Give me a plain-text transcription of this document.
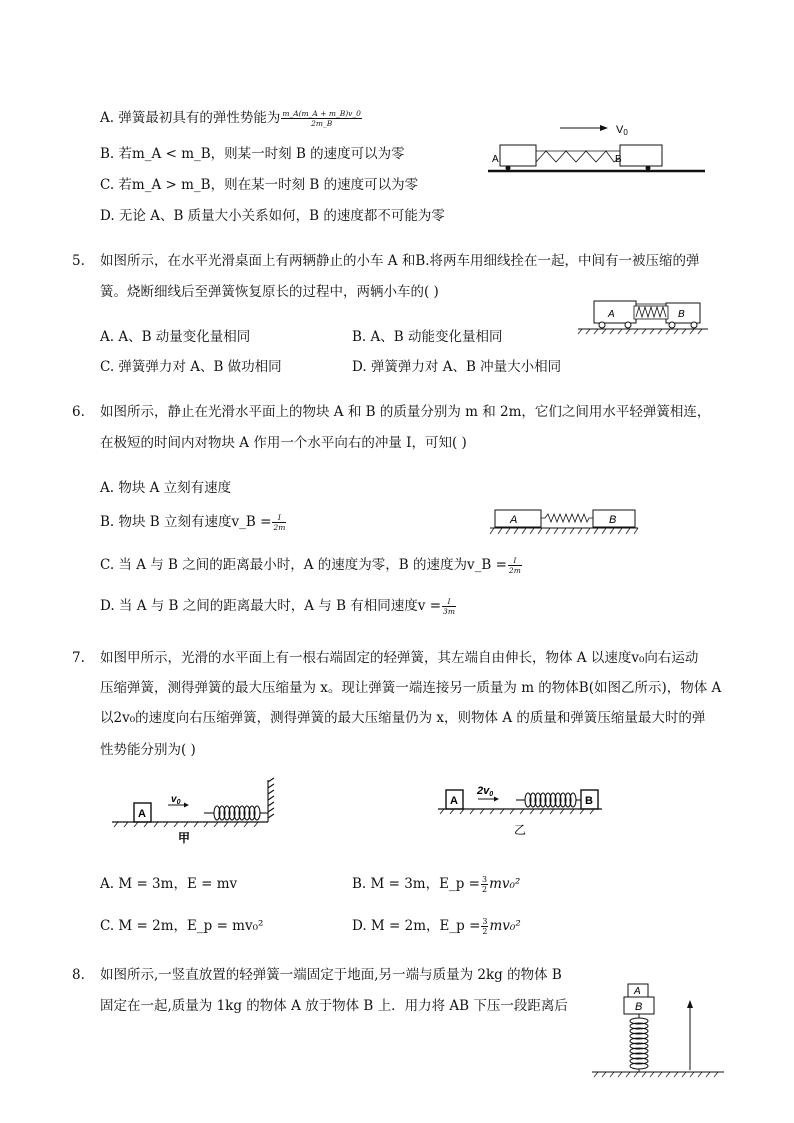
A. 弹簧最初具有的弹性势能为 $\frac{m\_A(m\_A + m\_B)v\_0}{2m\_B}$
B. 若m_A < m_B，则某一时刻 B 的速度可以为零
C. 若m_A > m_B，则在某一时刻 B 的速度可以为零
D. 无论 A、B 质量大小关系如何，B 的速度都不可能为零
V0
A	B
5. 如图所示，在水平光滑桌面上有两辆静止的小车 A 和B.将两车用细线拴在一起，中间有一被压缩的弹
簧。烧断细线后至弹簧恢复原长的过程中，两辆小车的( )
A. A、B 动量变化量相同	B. A、B 动能变化量相同
C. 弹簧弹力对 A、B 做功相同	D. 弹簧弹力对 A、B 冲量大小相同
A	B
6. 如图所示，静止在光滑水平面上的物块 A 和 B 的质量分别为 m 和 2m，它们之间用水平轻弹簧相连，
在极短的时间内对物块 A 作用一个水平向右的冲量 I，可知( )
A. 物块 A 立刻有速度
B. 物块 B 立刻有速度v_B = $\frac{I}{2m}$
C. 当 A 与 B 之间的距离最小时，A 的速度为零，B 的速度为v_B = $\frac{I}{2m}$
D. 当 A 与 B 之间的距离最大时，A 与 B 有相同速度$v = \frac{I}{3m}$
A	B
7. 如图甲所示，光滑的水平面上有一根右端固定的轻弹簧，其左端自由伸长，物体 A 以速度v₀向右运动
压缩弹簧，测得弹簧的最大压缩量为 x。现让弹簧一端连接另一质量为 m 的物体B(如图乙所示)，物体 A
以2v₀的速度向右压缩弹簧，测得弹簧的最大压缩量仍为 x，则物体 A 的质量和弹簧压缩量最大时的弹
性势能分别为( )
A
$v_0$
甲
A
2v0
B
乙
A. M = 3m，E = mv	B. M = 3m，E_p = $\frac{3}{2} mv_0^2$
C. M = 2m，E_p = mv₀²	D. M = 2m，E_p = $\frac{3}{2} mv_0^2$
8. 如图所示,一竖直放置的轻弹簧一端固定于地面,另一端与质量为 2kg 的物体 B
固定在一起,质量为 1kg 的物体 A 放于物体 B 上．用力将 AB 下压一段距离后
A
B
